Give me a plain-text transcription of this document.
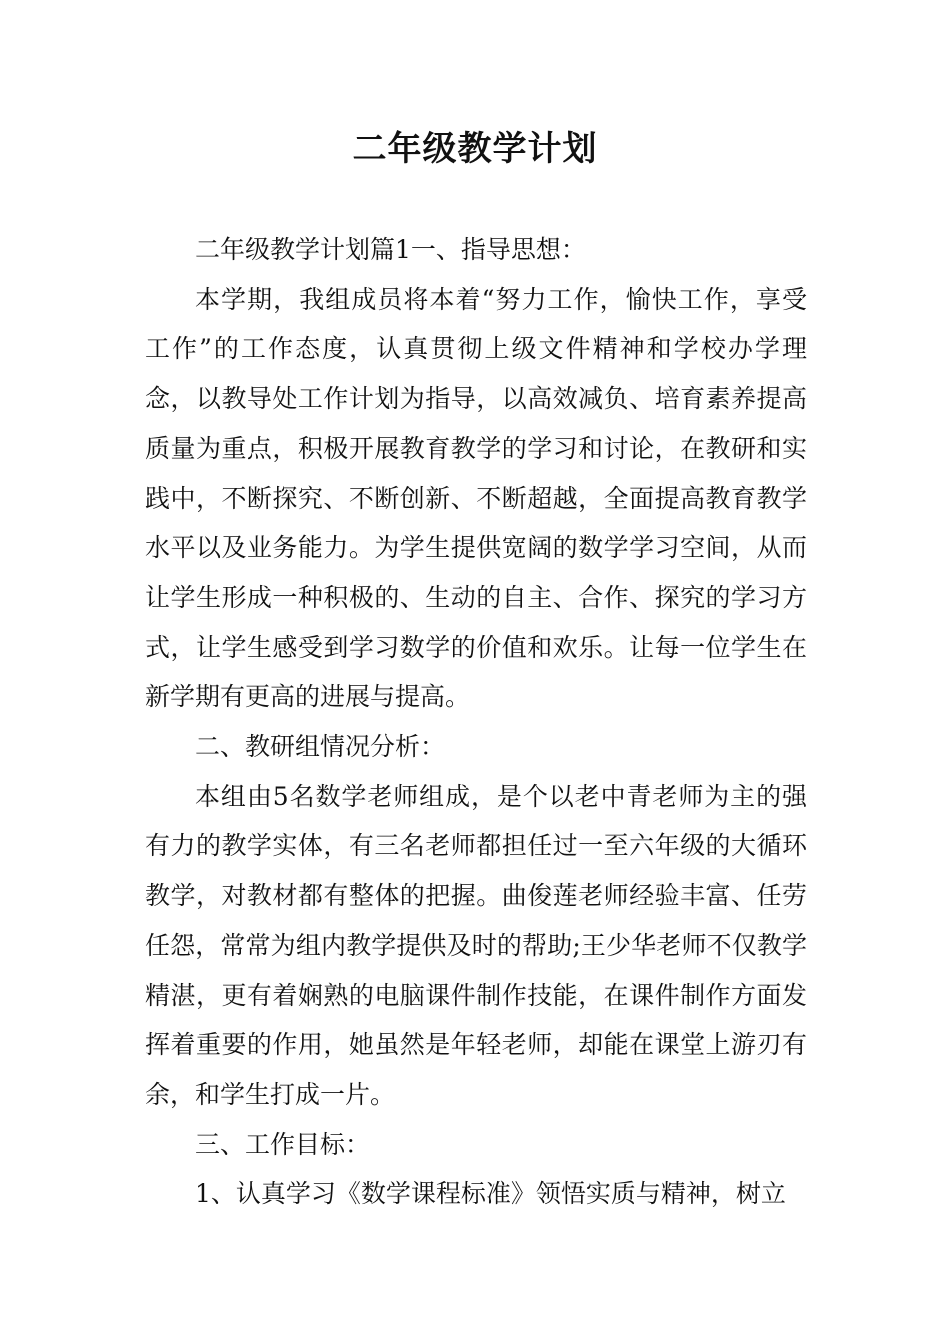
二年级教学计划

二年级教学计划篇1一、指导思想：

本学期，我组成员将本着“努力工作，愉快工作，享受工作”的工作态度，认真贯彻上级文件精神和学校办学理念，以教导处工作计划为指导，以高效减负、培育素养提高质量为重点，积极开展教育教学的学习和讨论，在教研和实践中，不断探究、不断创新、不断超越，全面提高教育教学水平以及业务能力。为学生提供宽阔的数学学习空间，从而让学生形成一种积极的、生动的自主、合作、探究的学习方式，让学生感受到学习数学的价值和欢乐。让每一位学生在新学期有更高的进展与提高。

二、教研组情况分析：

本组由5名数学老师组成，是个以老中青老师为主的强有力的教学实体，有三名老师都担任过一至六年级的大循环教学，对教材都有整体的把握。曲俊莲老师经验丰富、任劳任怨，常常为组内教学提供及时的帮助;王少华老师不仅教学精湛，更有着娴熟的电脑课件制作技能，在课件制作方面发挥着重要的作用，她虽然是年轻老师，却能在课堂上游刃有余，和学生打成一片。

三、工作目标：

1、认真学习《数学课程标准》领悟实质与精神，树立
